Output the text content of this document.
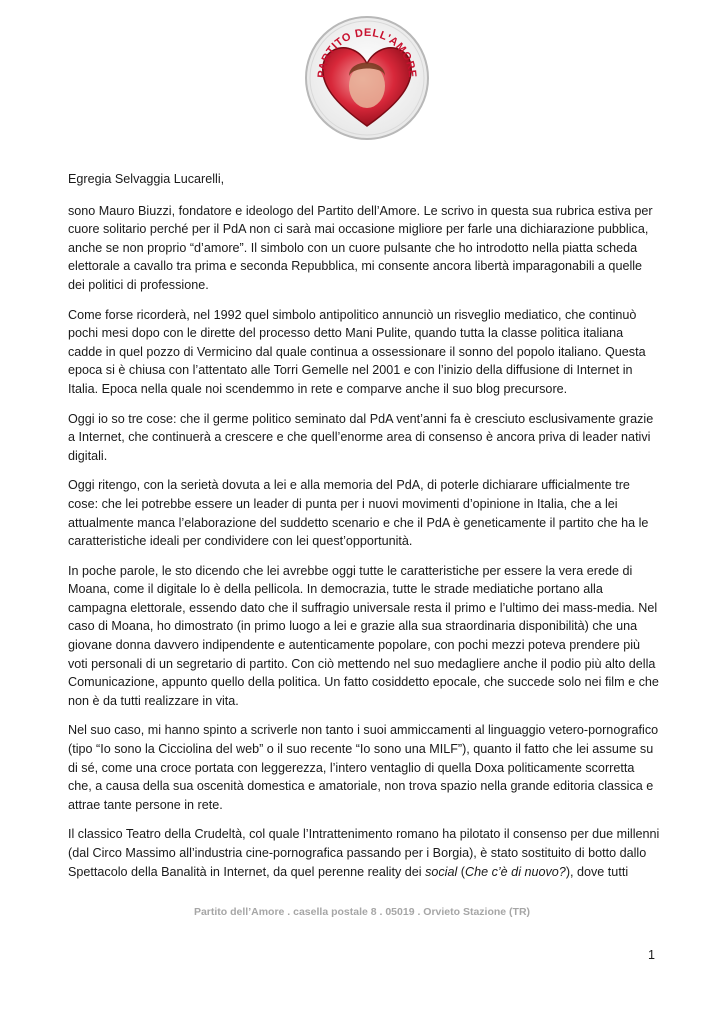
PARTITO DELL'AMORE

Egregia Selvaggia Lucarelli,

sono Mauro Biuzzi, fondatore e ideologo del Partito dell’Amore. Le scrivo in questa sua rubrica estiva per cuore solitario perché per il PdA non ci sarà mai occasione migliore per farle una dichiarazione pubblica, anche se non proprio “d’amore”. Il simbolo con un cuore pulsante che ho introdotto nella piatta scheda elettorale a cavallo tra prima e seconda Repubblica, mi consente ancora libertà imparagonabili a quelle dei politici di professione.

Come forse ricorderà, nel 1992 quel simbolo antipolitico annunciò un risveglio mediatico, che continuò pochi mesi dopo con le dirette del processo detto Mani Pulite, quando tutta la classe politica italiana cadde in quel pozzo di Vermicino dal quale continua a ossessionare il sonno del popolo italiano. Questa epoca si è chiusa con l’attentato alle Torri Gemelle nel 2001 e con l’inizio della diffusione di Internet in Italia. Epoca nella quale noi scendemmo in rete e comparve anche il suo blog precursore.

Oggi io so tre cose: che il germe politico seminato dal PdA vent’anni fa è cresciuto esclusivamente grazie a Internet, che continuerà a crescere e che quell’enorme area di consenso è ancora priva di leader nativi digitali.

Oggi ritengo, con la serietà dovuta a lei e alla memoria del PdA, di poterle dichiarare ufficialmente tre cose: che lei potrebbe essere un leader di punta per i nuovi movimenti d’opinione in Italia, che a lei attualmente manca l’elaborazione del suddetto scenario e che il PdA è geneticamente il partito che ha le caratteristiche ideali per condividere con lei quest’opportunità.

In poche parole, le sto dicendo che lei avrebbe oggi tutte le caratteristiche per essere la vera erede di Moana, come il digitale lo è della pellicola. In democrazia, tutte le strade mediatiche portano alla campagna elettorale, essendo dato che il suffragio universale resta il primo e l’ultimo dei mass-media. Nel caso di Moana, ho dimostrato (in primo luogo a lei e grazie alla sua straordinaria disponibilità) che una giovane donna davvero indipendente e autenticamente popolare, con pochi mezzi poteva prendere più voti personali di un segretario di partito. Con ciò mettendo nel suo medagliere anche il podio più alto della Comunicazione, appunto quello della politica. Un fatto cosiddetto epocale, che succede solo nei film e che non è da tutti realizzare in vita.

Nel suo caso, mi hanno spinto a scriverle non tanto i suoi ammiccamenti al linguaggio vetero-pornografico (tipo “Io sono la Cicciolina del web” o il suo recente “Io sono una MILF”), quanto il fatto che lei assume su di sé, come una croce portata con leggerezza, l’intero ventaglio di quella Doxa politicamente scorretta che, a causa della sua oscenità domestica e amatoriale, non trova spazio nella grande editoria classica e attrae tante persone in rete.

Il classico Teatro della Crudeltà, col quale l’Intrattenimento romano ha pilotato il consenso per due millenni (dal Circo Massimo all’industria cine-pornografica passando per i Borgia), è stato sostituito di botto dallo Spettacolo della Banalità in Internet, da quel perenne reality dei social (Che c’è di nuovo?), dove tutti

Partito dell’Amore . casella postale 8 . 05019 . Orvieto Stazione (TR)
1
